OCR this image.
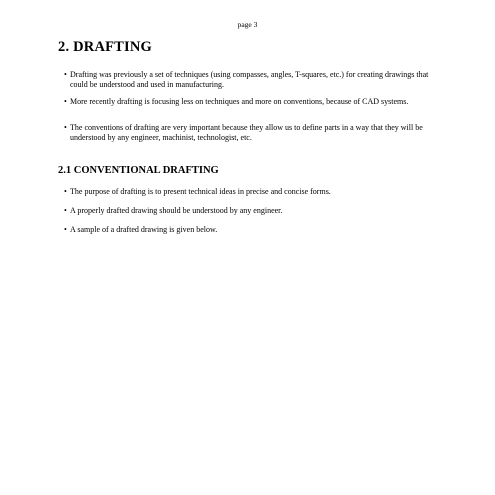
page 3
2. DRAFTING
• Drafting was previously a set of techniques (using compasses, angles, T-squares, etc.) for creating drawings that could be understood and used in manufacturing.
• More recently drafting is focusing less on techniques and more on conventions, because of CAD systems.
• The conventions of drafting are very important because they allow us to define parts in a way that they will be understood by any engineer, machinist, technologist, etc.
2.1 CONVENTIONAL DRAFTING
• The purpose of drafting is to present technical ideas in precise and concise forms.
• A properly drafted drawing should be understood by any engineer.
• A sample of a drafted drawing is given below.
